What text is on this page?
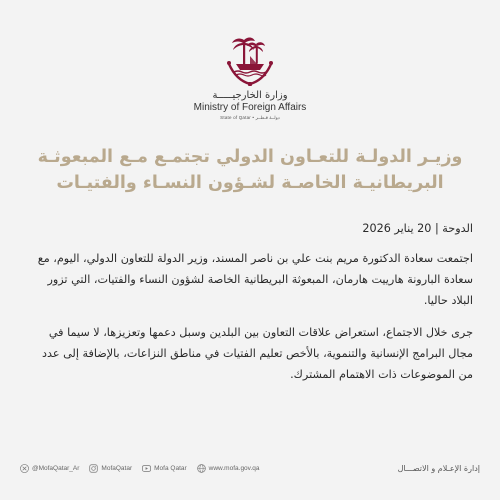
وزارة الخارجيـــــة
Ministry of Foreign Affairs
State of Qatar • دولــة قـطــر
وزيـر الدولـة للتعـاون الدولي تجتمـع مـع المبعوثـة
البريطانيـة الخاصـة لشـؤون النسـاء والفتيـات

الدوحة | 20 يناير 2026

اجتمعت سعادة الدكتورة مريم بنت علي بن ناصر المسند، وزير الدولة للتعاون الدولي، اليوم، مع سعادة البارونة هارييت هارمان، المبعوثة البريطانية الخاصة لشؤون النساء والفتيات، التي تزور البلاد حاليا.

جرى خلال الاجتماع، استعراض علاقات التعاون بين البلدين وسبل دعمها وتعزيزها، لا سيما في مجال البرامج الإنسانية والتنموية، بالأخص تعليم الفتيات في مناطق النزاعات، بالإضافة إلى عدد من الموضوعات ذات الاهتمام المشترك.

@MofaQatar_Ar	MofaQatar	Mofa Qatar	www.mofa.gov.qa	إدارة الإعـلام و الاتصـــال
